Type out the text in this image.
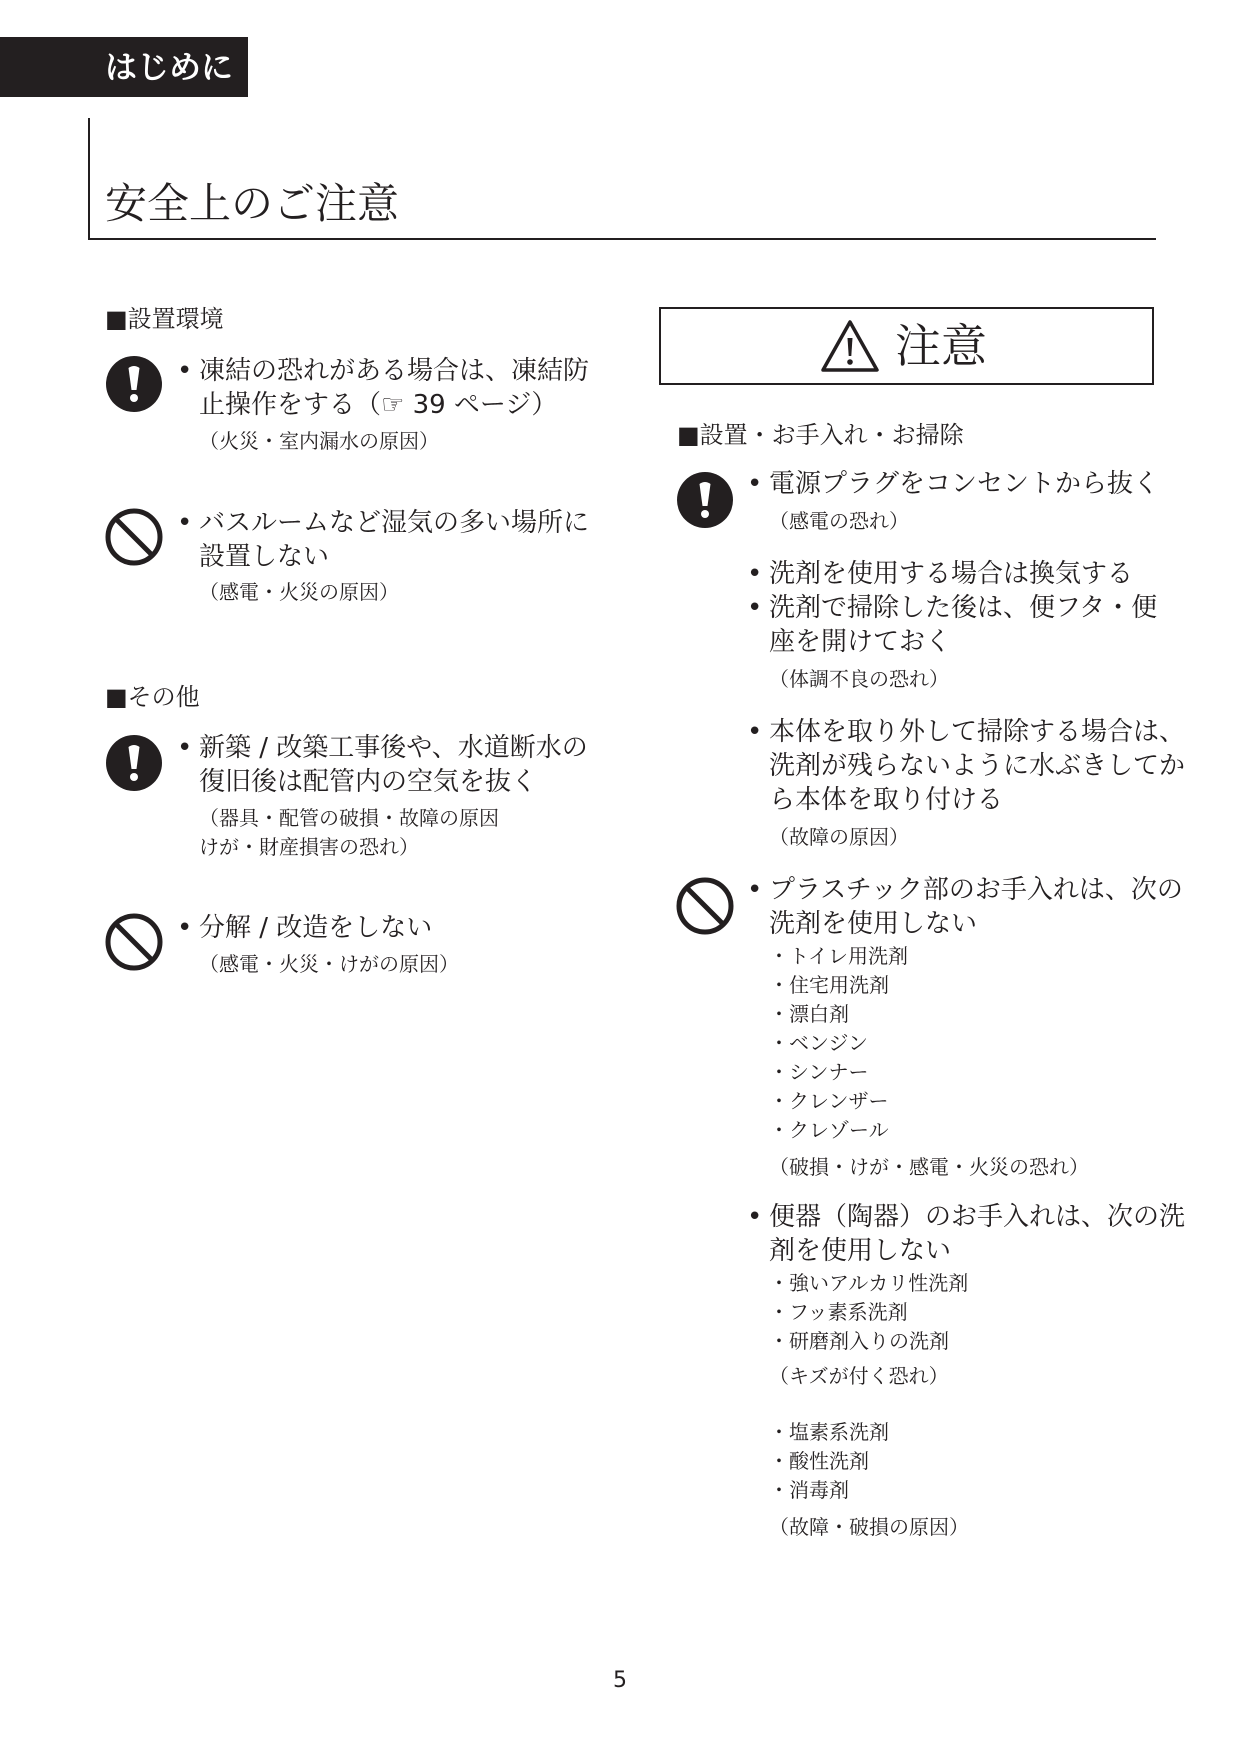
はじめに
安全上のご注意
■設置環境
• 凍結の恐れがある場合は、凍結防
止操作をする（☞ 39 ページ）
（火災・室内漏水の原因）
• バスルームなど湿気の多い場所に
設置しない
（感電・火災の原因）
■その他
• 新築 / 改築工事後や、水道断水の
復旧後は配管内の空気を抜く
（器具・配管の破損・故障の原因
けが・財産損害の恐れ）
• 分解 / 改造をしない
（感電・火災・けがの原因）
注意
■設置・お手入れ・お掃除
• 電源プラグをコンセントから抜く
（感電の恐れ）
• 洗剤を使用する場合は換気する
• 洗剤で掃除した後は、便フタ・便
座を開けておく
（体調不良の恐れ）
• 本体を取り外して掃除する場合は、
洗剤が残らないように水ぶきしてか
ら本体を取り付ける
（故障の原因）
• プラスチック部のお手入れは、次の
洗剤を使用しない
・トイレ用洗剤
・住宅用洗剤
・漂白剤
・ベンジン
・シンナー
・クレンザー
・クレゾール
（破損・けが・感電・火災の恐れ）
• 便器（陶器）のお手入れは、次の洗
剤を使用しない
・強いアルカリ性洗剤
・フッ素系洗剤
・研磨剤入りの洗剤
（キズが付く恐れ）
・塩素系洗剤
・酸性洗剤
・消毒剤
（故障・破損の原因）
5
